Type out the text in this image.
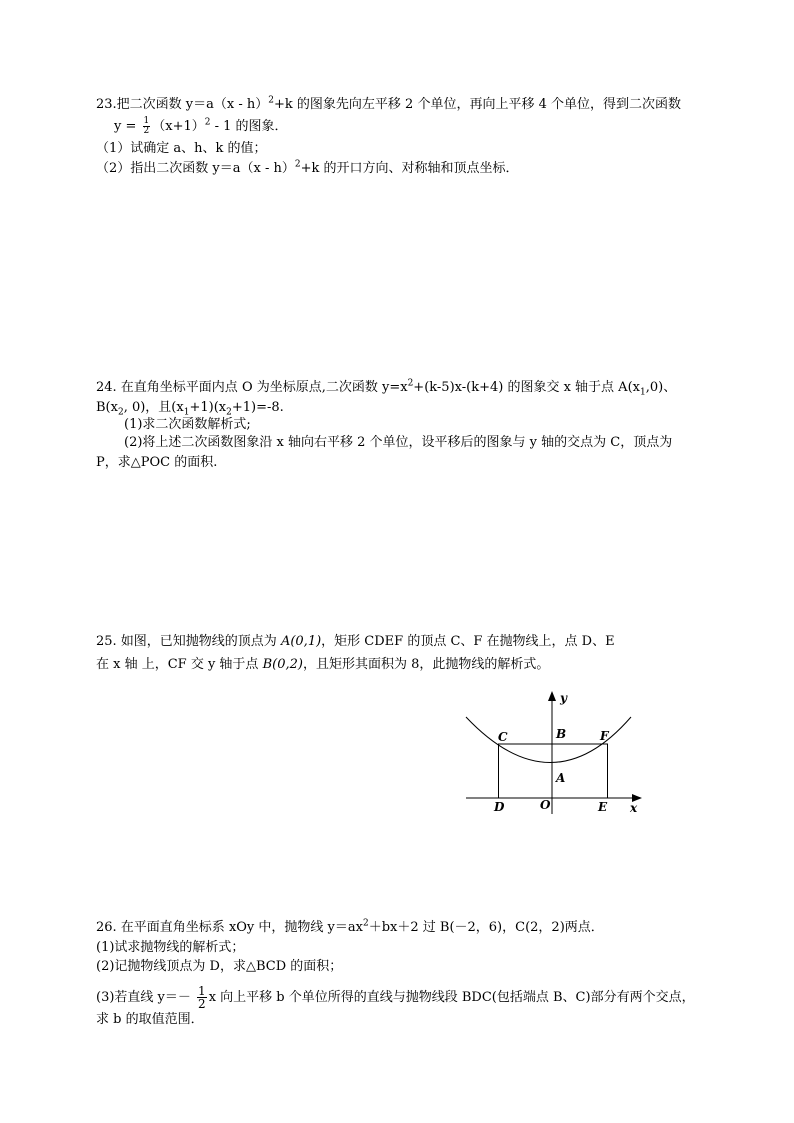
23.把二次函数 y＝a（x - h）$^2$+k 的图象先向左平移 2 个单位，再向上平移 4 个单位，得到二次函数
$y = \frac{1}{2} (x+1)^2 - 1$ 的图象．
（1）试确定 a、h、k 的值；
（2）指出二次函数 y＝a（x - h）$^2$+k 的开口方向、对称轴和顶点坐标．
24. 在直角坐标平面内点 O 为坐标原点,二次函数 $y=x^2+(k-5)x-(k+4)$ 的图象交 x 轴于点 $A(x_1,0)$、
$B(x_2$, 0)，且$(x_1+1)(x_2+1)=-8$.
(1)求二次函数解析式;
(2)将上述二次函数图象沿 x 轴向右平移 2 个单位，设平移后的图象与 y 轴的交点为 C，顶点为
P，求△POC 的面积.
25. 如图，已知抛物线的顶点为 A(0,1)，矩形 CDEF 的顶点 C、F 在抛物线上，点 D、E
在 x 轴 上，CF 交 y 轴于点 B(0,2)，且矩形其面积为 8，此抛物线的解析式。
y
C	B	F
A
D	O	E x
26. 在平面直角坐标系 xOy 中，抛物线 $y=ax^2+bx+2$ 过 B(－2，6)，C(2，2)两点．
(1)试求抛物线的解析式；
(2)记抛物线顶点为 D，求△BCD 的面积；
(3)若直线 $y=- \frac{1}{2}$ x 向上平移 b 个单位所得的直线与抛物线段 BDC(包括端点 B、C)部分有两个交点，
求 b 的取值范围．
